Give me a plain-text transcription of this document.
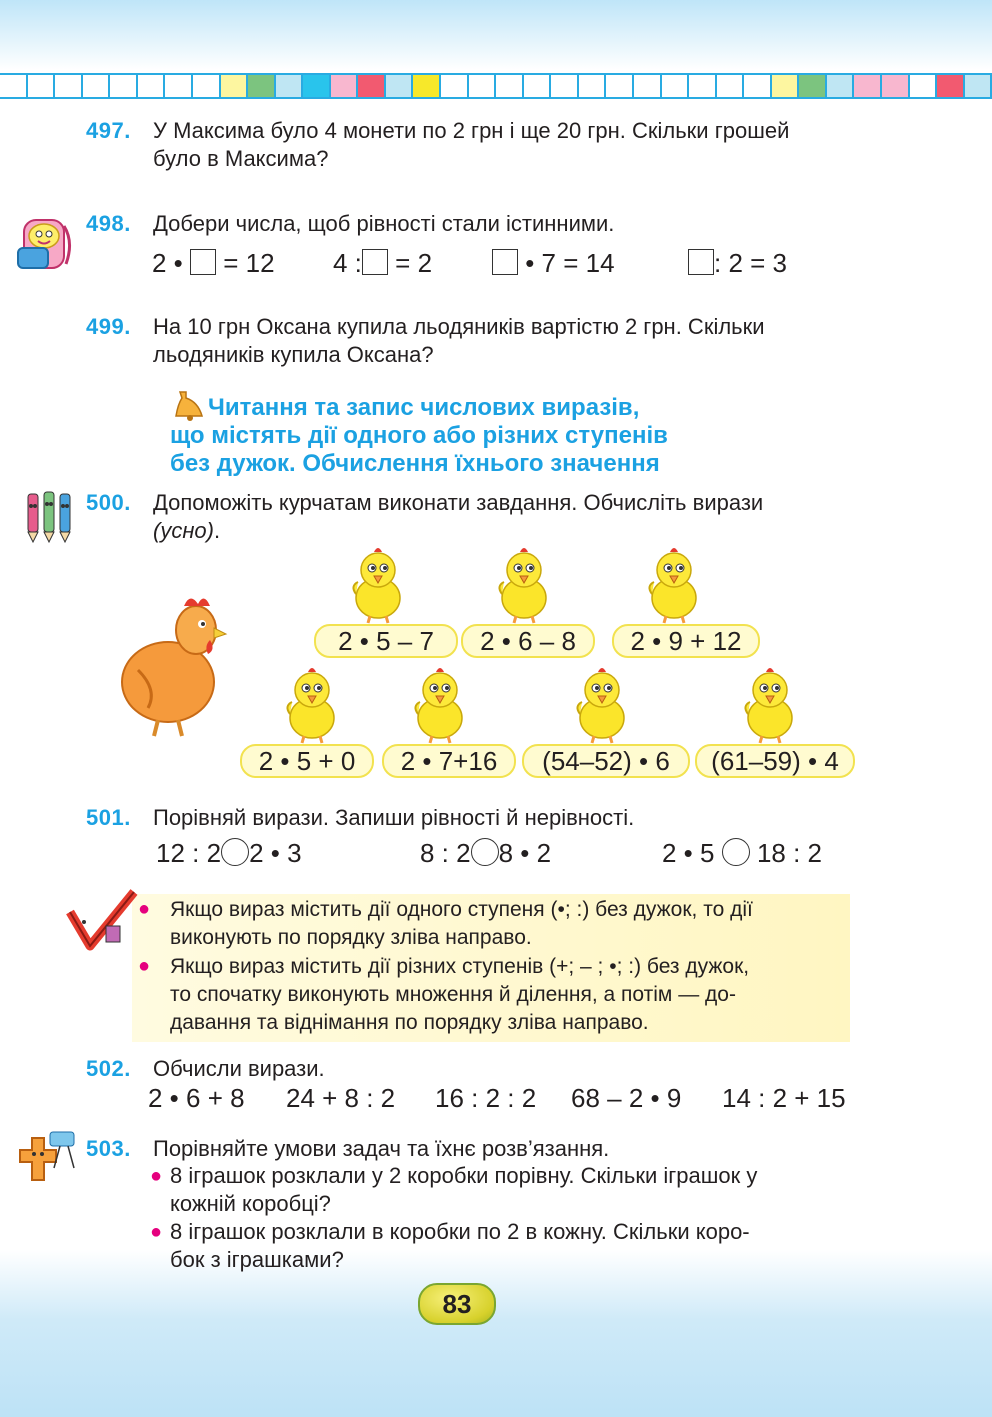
497. У Максима було 4 монети по 2 грн і ще 20 грн. Скільки грошей
було в Максима?
498. Добери числа, щоб рівності стали істинними.
2 • = 12 4 : = 2	• 7 = 14	: 2 = 3
499. На 10 грн Оксана купила льодяників вартістю 2 грн. Скільки
льодяників купила Оксана?
Читання та запис числових виразів,
що містять дії одного або різних ступенів
без дужок. Обчислення їхнього значення
500. Допоможіть курчатам виконати завдання. Обчисліть вирази
(усно).
2 • 5 – 7	2 • 6 – 8	2 • 9 + 12
2 • 5 + 0	2 • 7+16	(54–52) • 6	(61–59) • 4
501. Порівняй вирази. Запиши рівності й нерівності.
12 : 2 2 • 3	8 : 2 8 • 2	2 • 5 18 : 2
● Якщо вираз містить дії одного ступеня (•; :) без дужок, то дії
виконують по порядку зліва направо.
● Якщо вираз містить дії різних ступенів (+; – ; •; :) без дужок,
то спочатку виконують множення й ділення, а потім — до-
давання та віднімання по порядку зліва направо.
502. Обчисли вирази.
2 • 6 + 8 24 + 8 : 2 16 : 2 : 2 68 – 2 • 9 14 : 2 + 15
503. Порівняйте умови задач та їхнє розв’язання.
● 8 іграшок розклали у 2 коробки порівну. Скільки іграшок у
кожній коробці?
● 8 іграшок розклали в коробки по 2 в кожну. Скільки коро-
бок з іграшками?
83
